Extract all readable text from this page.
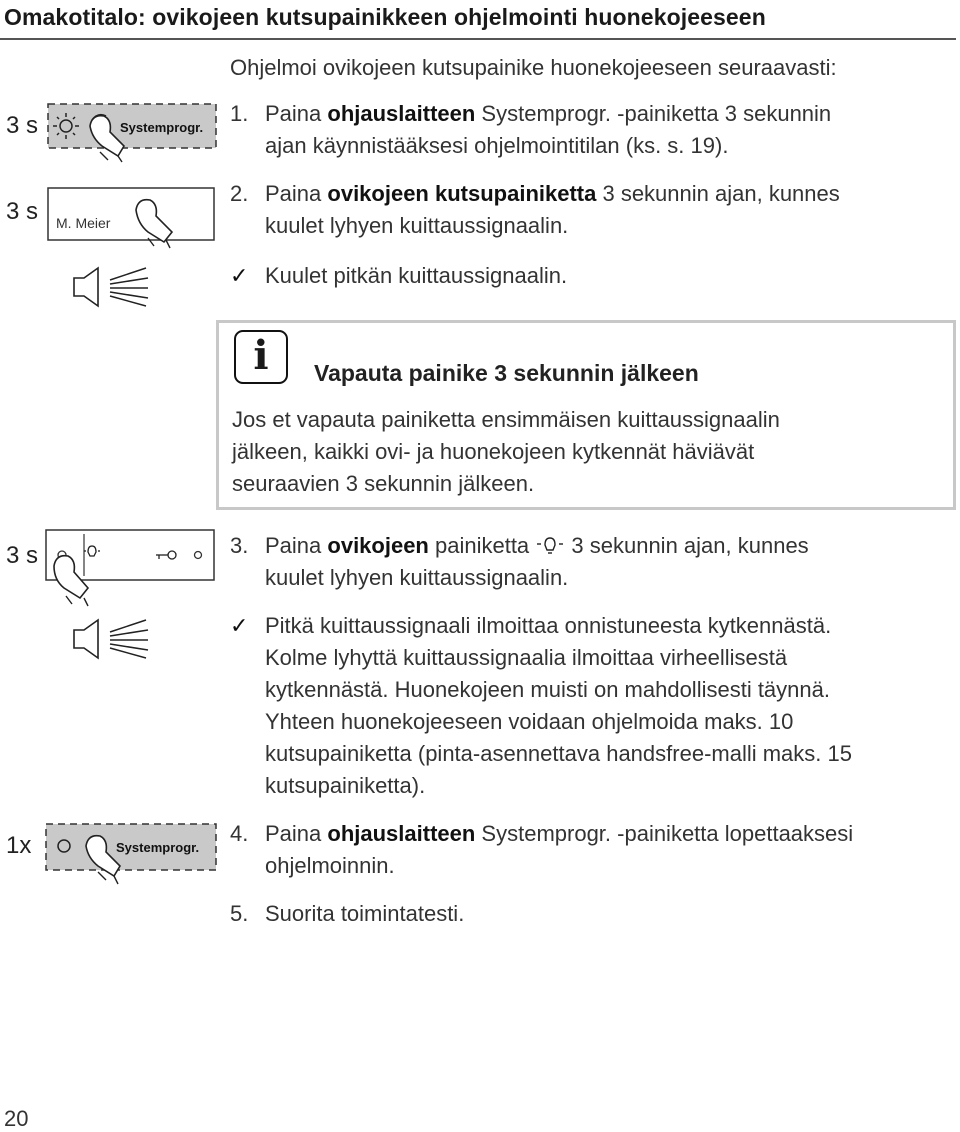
Omakotitalo: ovikojeen kutsupainikkeen ohjelmointi huonekojeeseen
Ohjelmoi ovikojeen kutsupainike huonekojeeseen seuraavasti:
3 s	Systemprogr.
1. Paina ohjauslaitteen Systemprogr. -painiketta 3 sekunnin
ajan käynnistääksesi ohjelmointitilan (ks. s. 19).
3 s M. Meier
2. Paina ovikojeen kutsupainiketta 3 sekunnin ajan, kunnes
kuulet lyhyen kuittaussignaalin.
✓ Kuulet pitkän kuittaussignaalin.
i	Vapauta painike 3 sekunnin jälkeen
Jos et vapauta painiketta ensimmäisen kuittaussignaalin
jälkeen, kaikki ovi- ja huonekojeen kytkennät häviävät
seuraavien 3 sekunnin jälkeen.
3 s	3. Paina ovikojeen painiketta  3 sekunnin ajan, kunnes
kuulet lyhyen kuittaussignaalin.
✓ Pitkä kuittaussignaali ilmoittaa onnistuneesta kytkennästä.
Kolme lyhyttä kuittaussignaalia ilmoittaa virheellisestä
kytkennästä. Huonekojeen muisti on mahdollisesti täynnä.
Yhteen huonekojeeseen voidaan ohjelmoida maks. 10
kutsupainiketta (pinta-asennettava handsfree-malli maks. 15
kutsupainiketta).
1x	Systemprogr.
4. Paina ohjauslaitteen Systemprogr. -painiketta lopettaaksesi
ohjelmoinnin.
5. Suorita toimintatesti.
20
